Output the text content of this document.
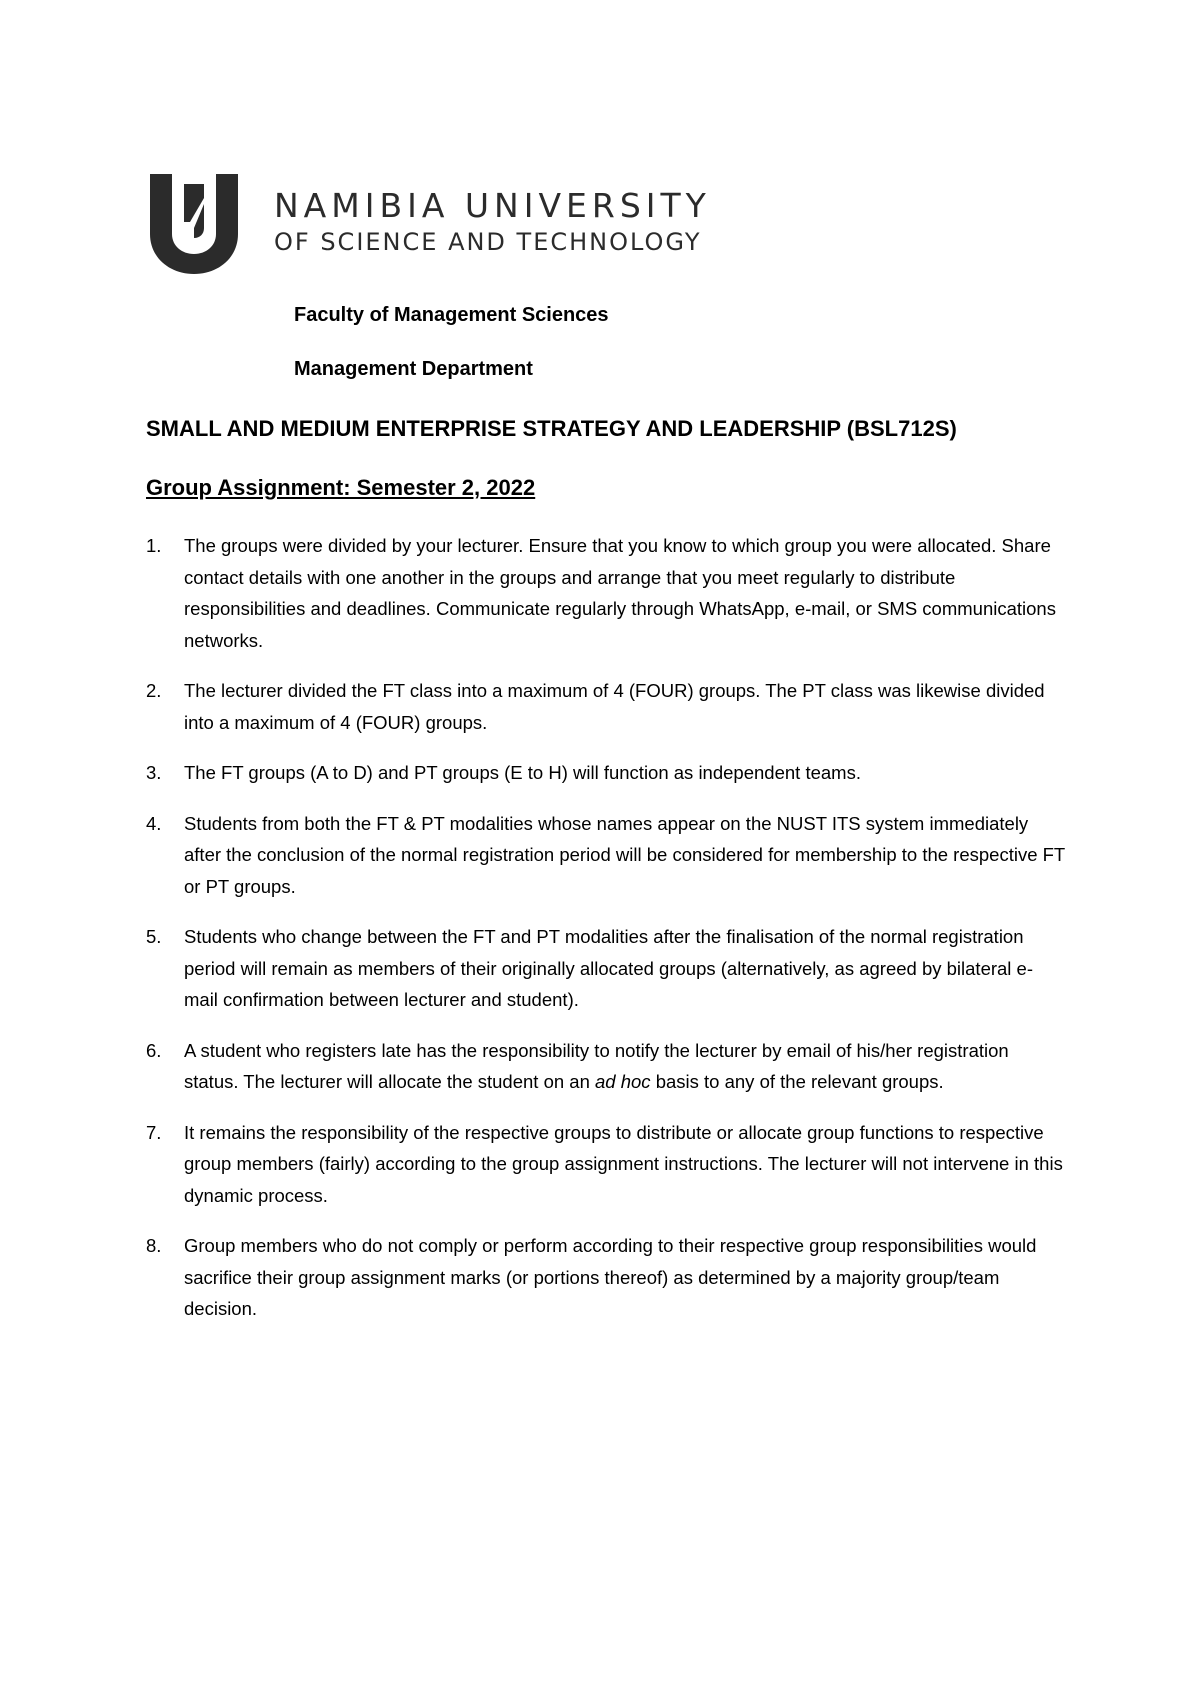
NAMIBIA UNIVERSITY
OF SCIENCE AND TECHNOLOGY
Faculty of Management Sciences
Management Department
SMALL AND MEDIUM ENTERPRISE STRATEGY AND LEADERSHIP (BSL712S)
Group Assignment: Semester 2, 2022
1. The groups were divided by your lecturer. Ensure that you know to which group you were allocated. Share contact details with one another in the groups and arrange that you meet regularly to distribute responsibilities and deadlines. Communicate regularly through WhatsApp, e-mail, or SMS communications networks.
2. The lecturer divided the FT class into a maximum of 4 (FOUR) groups. The PT class was likewise divided into a maximum of 4 (FOUR) groups.
3. The FT groups (A to D) and PT groups (E to H) will function as independent teams.
4. Students from both the FT & PT modalities whose names appear on the NUST ITS system immediately after the conclusion of the normal registration period will be considered for membership to the respective FT or PT groups.
5. Students who change between the FT and PT modalities after the finalisation of the normal registration period will remain as members of their originally allocated groups (alternatively, as agreed by bilateral e-mail confirmation between lecturer and student).
6. A student who registers late has the responsibility to notify the lecturer by email of his/her registration status. The lecturer will allocate the student on an ad hoc basis to any of the relevant groups.
7. It remains the responsibility of the respective groups to distribute or allocate group functions to respective group members (fairly) according to the group assignment instructions. The lecturer will not intervene in this dynamic process.
8. Group members who do not comply or perform according to their respective group responsibilities would sacrifice their group assignment marks (or portions thereof) as determined by a majority group/team decision.
